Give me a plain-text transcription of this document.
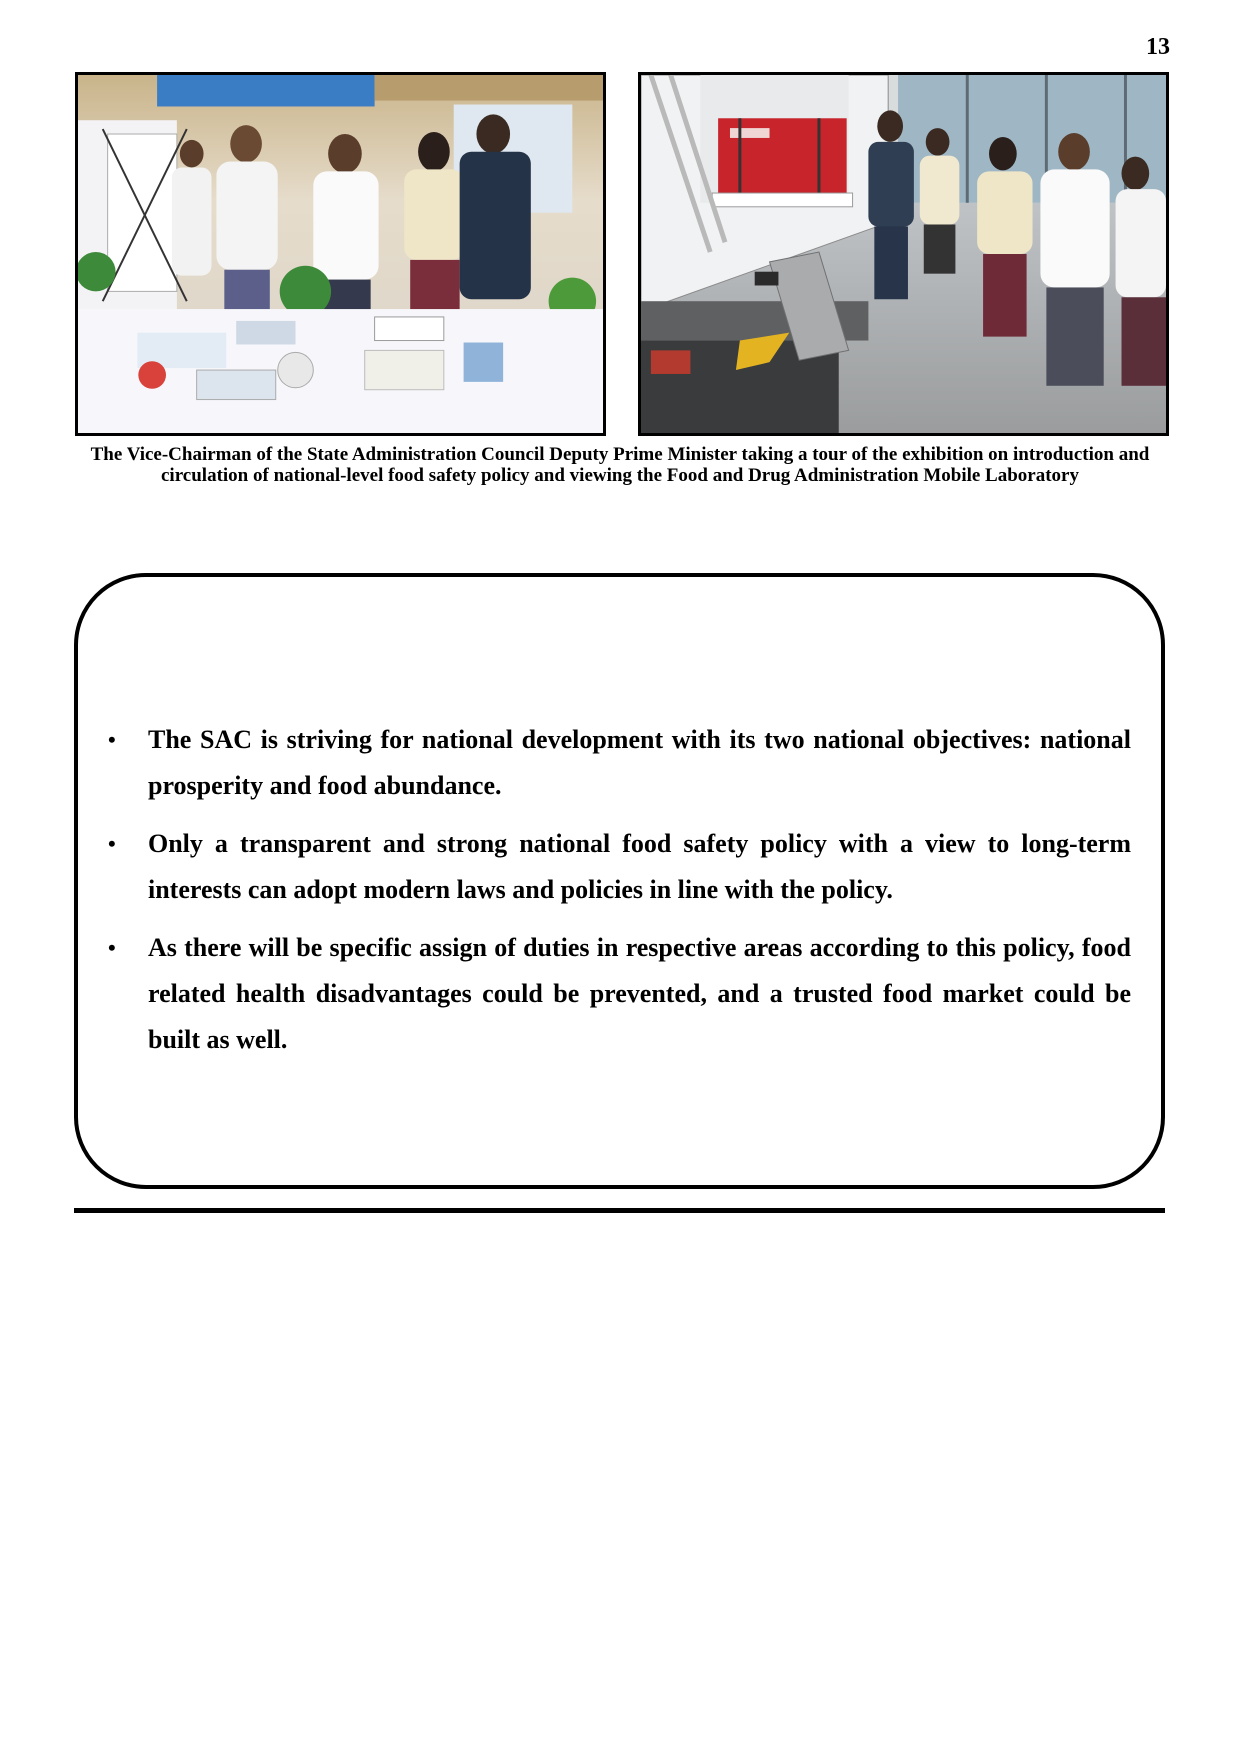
13
The Vice-Chairman of the State Administration Council Deputy Prime Minister taking a tour of the exhibition on introduction and circulation of national-level food safety policy and viewing the Food and Drug Administration Mobile Laboratory
• The SAC is striving for national development with its two national objectives: national prosperity and food abundance.
• Only a transparent and strong national food safety policy with a view to long-term interests can adopt modern laws and policies in line with the policy.
• As there will be specific assign of duties in respective areas according to this policy, food related health disadvantages could be prevented, and a trusted food market could be built as well.
